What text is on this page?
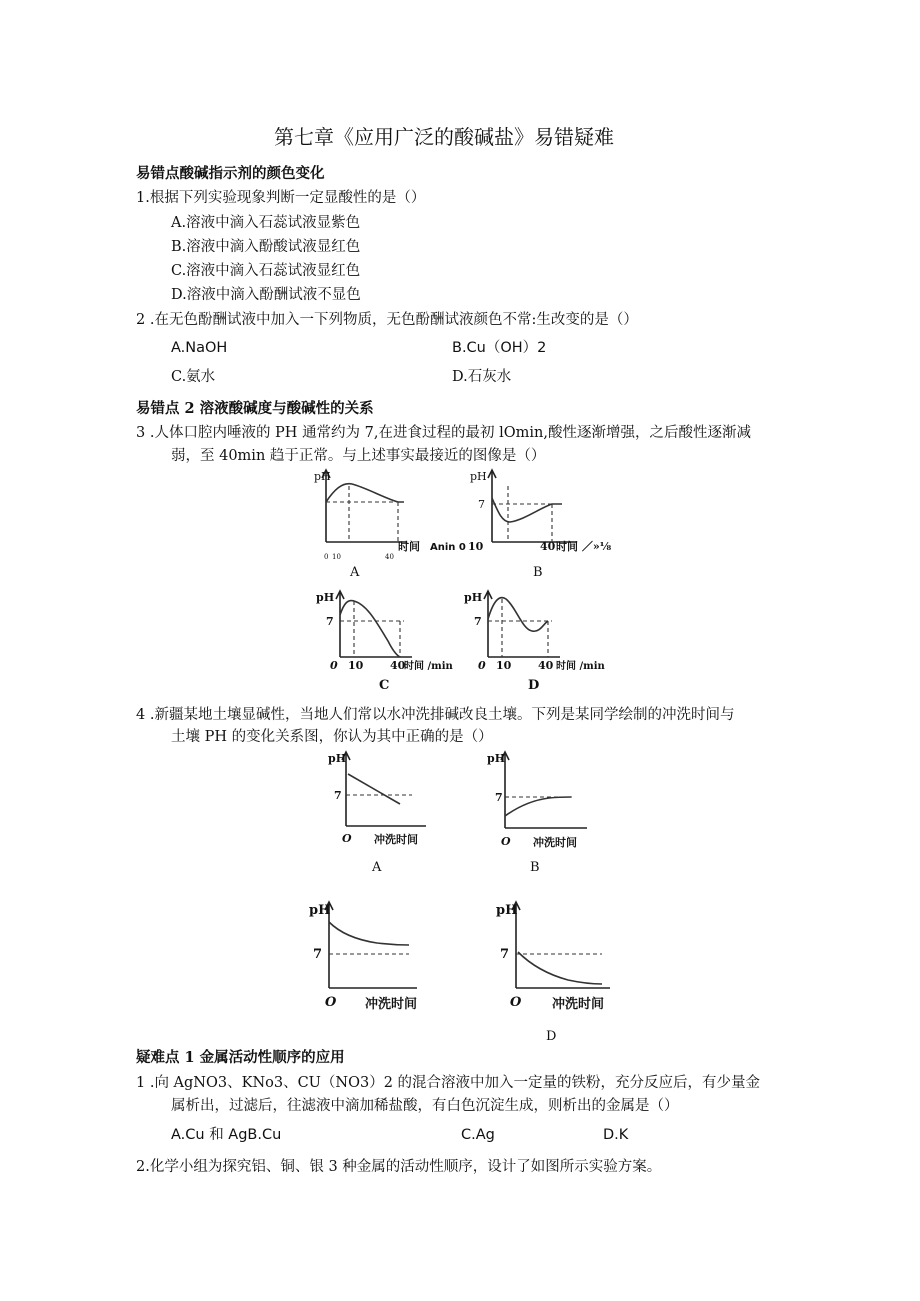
第七章《应用广泛的酸碱盐》易错疑难
易错点酸碱指示剂的颜色变化
1.根据下列实验现象判断一定显酸性的是（）
A.溶液中滴入石蕊试液显紫色
B.溶液中滴入酚酸试液显红色
C.溶液中滴入石蕊试液显红色
D.溶液中滴入酚酬试液不显色
2 .在无色酚酬试液中加入一下列物质，无色酚酬试液颜色不常:生改变的是（）
A.NaOH	B.Cu（OH）2
C.氨水	D.石灰水
易错点 2 溶液酸碱度与酸碱性的关系
3 .人体口腔内唾液的 PH 通常约为 7,在进食过程的最初 lOmin,酸性逐渐增强，之后酸性逐渐减
弱，至 40min 趋于正常。与上述事实最接近的图像是（）
pH
0 10	40
时间 Anin 0
A
pH
7
10	40 时间 ／»⅛
B
pH
7
0 10 40
时间 /min
C
pH
7
0 10 40 时间 /min
D
4 .新疆某地土壤显碱性，当地人们常以水冲洗排碱改良土壤。下列是某同学绘制的冲洗时间与
土壤 PH 的变化关系图，你认为其中正确的是（）
pH
7
O 冲洗时间
A
pH
7
O 冲洗时间
B
pH
7
O 冲洗时间
pH
7
O 冲洗时间
D
疑难点 1 金属活动性顺序的应用
1 .向 AgNO3、KNo3、CU（NO3）2 的混合溶液中加入一定量的铁粉，充分反应后，有少量金
属析出，过滤后，往滤液中滴加稀盐酸，有白色沉淀生成，则析出的金属是（）
A.Cu 和 AgB.Cu	C.Ag	D.K
2.化学小组为探究铝、铜、银 3 种金属的活动性顺序，设计了如图所示实验方案。
